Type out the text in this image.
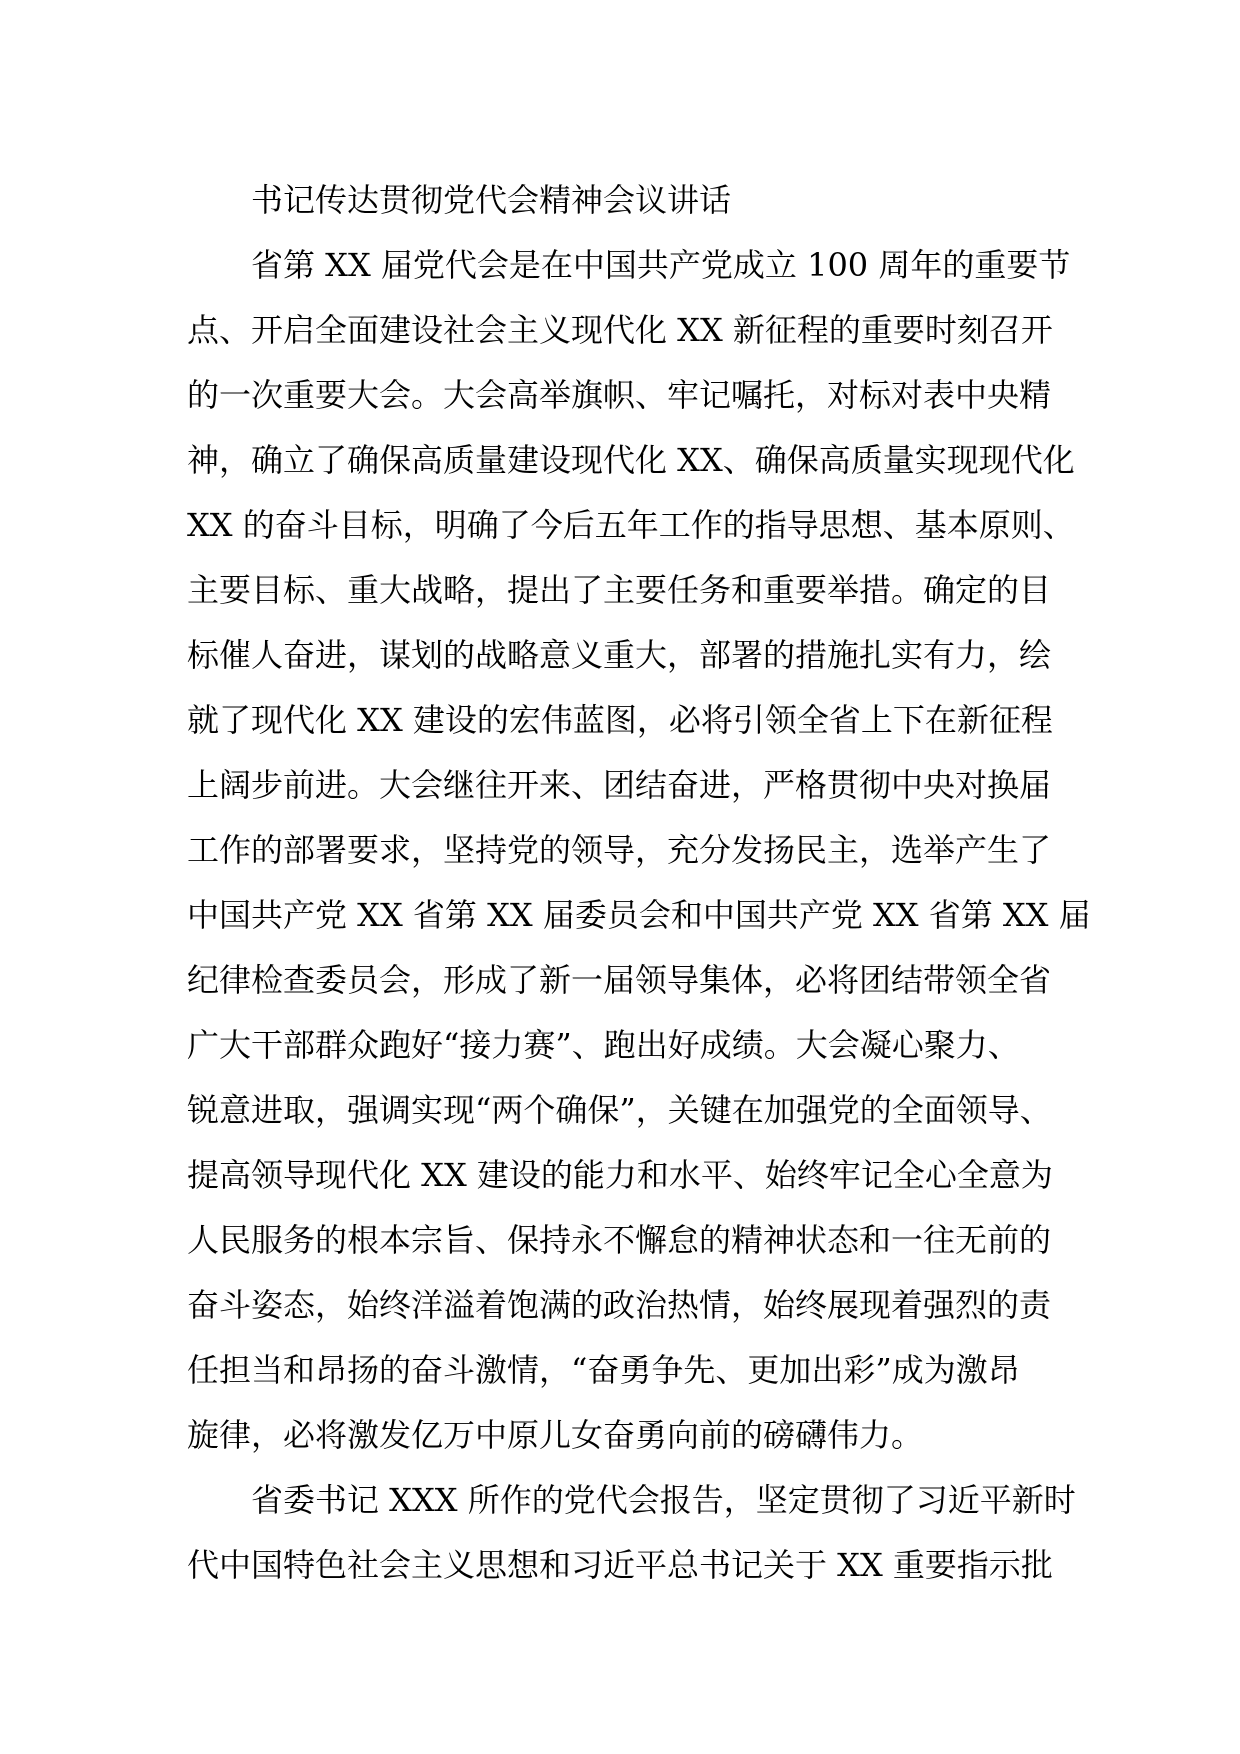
书记传达贯彻党代会精神会议讲话
省第 XX 届党代会是在中国共产党成立 100 周年的重要节
点、开启全面建设社会主义现代化 XX 新征程的重要时刻召开
的一次重要大会。大会高举旗帜、牢记嘱托，对标对表中央精
神，确立了确保高质量建设现代化 XX、确保高质量实现现代化
XX 的奋斗目标，明确了今后五年工作的指导思想、基本原则、
主要目标、重大战略，提出了主要任务和重要举措。确定的目
标催人奋进，谋划的战略意义重大，部署的措施扎实有力，绘
就了现代化 XX 建设的宏伟蓝图，必将引领全省上下在新征程
上阔步前进。大会继往开来、团结奋进，严格贯彻中央对换届
工作的部署要求，坚持党的领导，充分发扬民主，选举产生了
中国共产党 XX 省第 XX 届委员会和中国共产党 XX 省第 XX 届
纪律检查委员会，形成了新一届领导集体，必将团结带领全省
广大干部群众跑好“接力赛”、跑出好成绩。大会凝心聚力、
锐意进取，强调实现“两个确保”，关键在加强党的全面领导、
提高领导现代化 XX 建设的能力和水平、始终牢记全心全意为
人民服务的根本宗旨、保持永不懈怠的精神状态和一往无前的
奋斗姿态，始终洋溢着饱满的政治热情，始终展现着强烈的责
任担当和昂扬的奋斗激情，“奋勇争先、更加出彩”成为激昂
旋律，必将激发亿万中原儿女奋勇向前的磅礴伟力。
省委书记 XXX 所作的党代会报告，坚定贯彻了习近平新时
代中国特色社会主义思想和习近平总书记关于 XX 重要指示批
